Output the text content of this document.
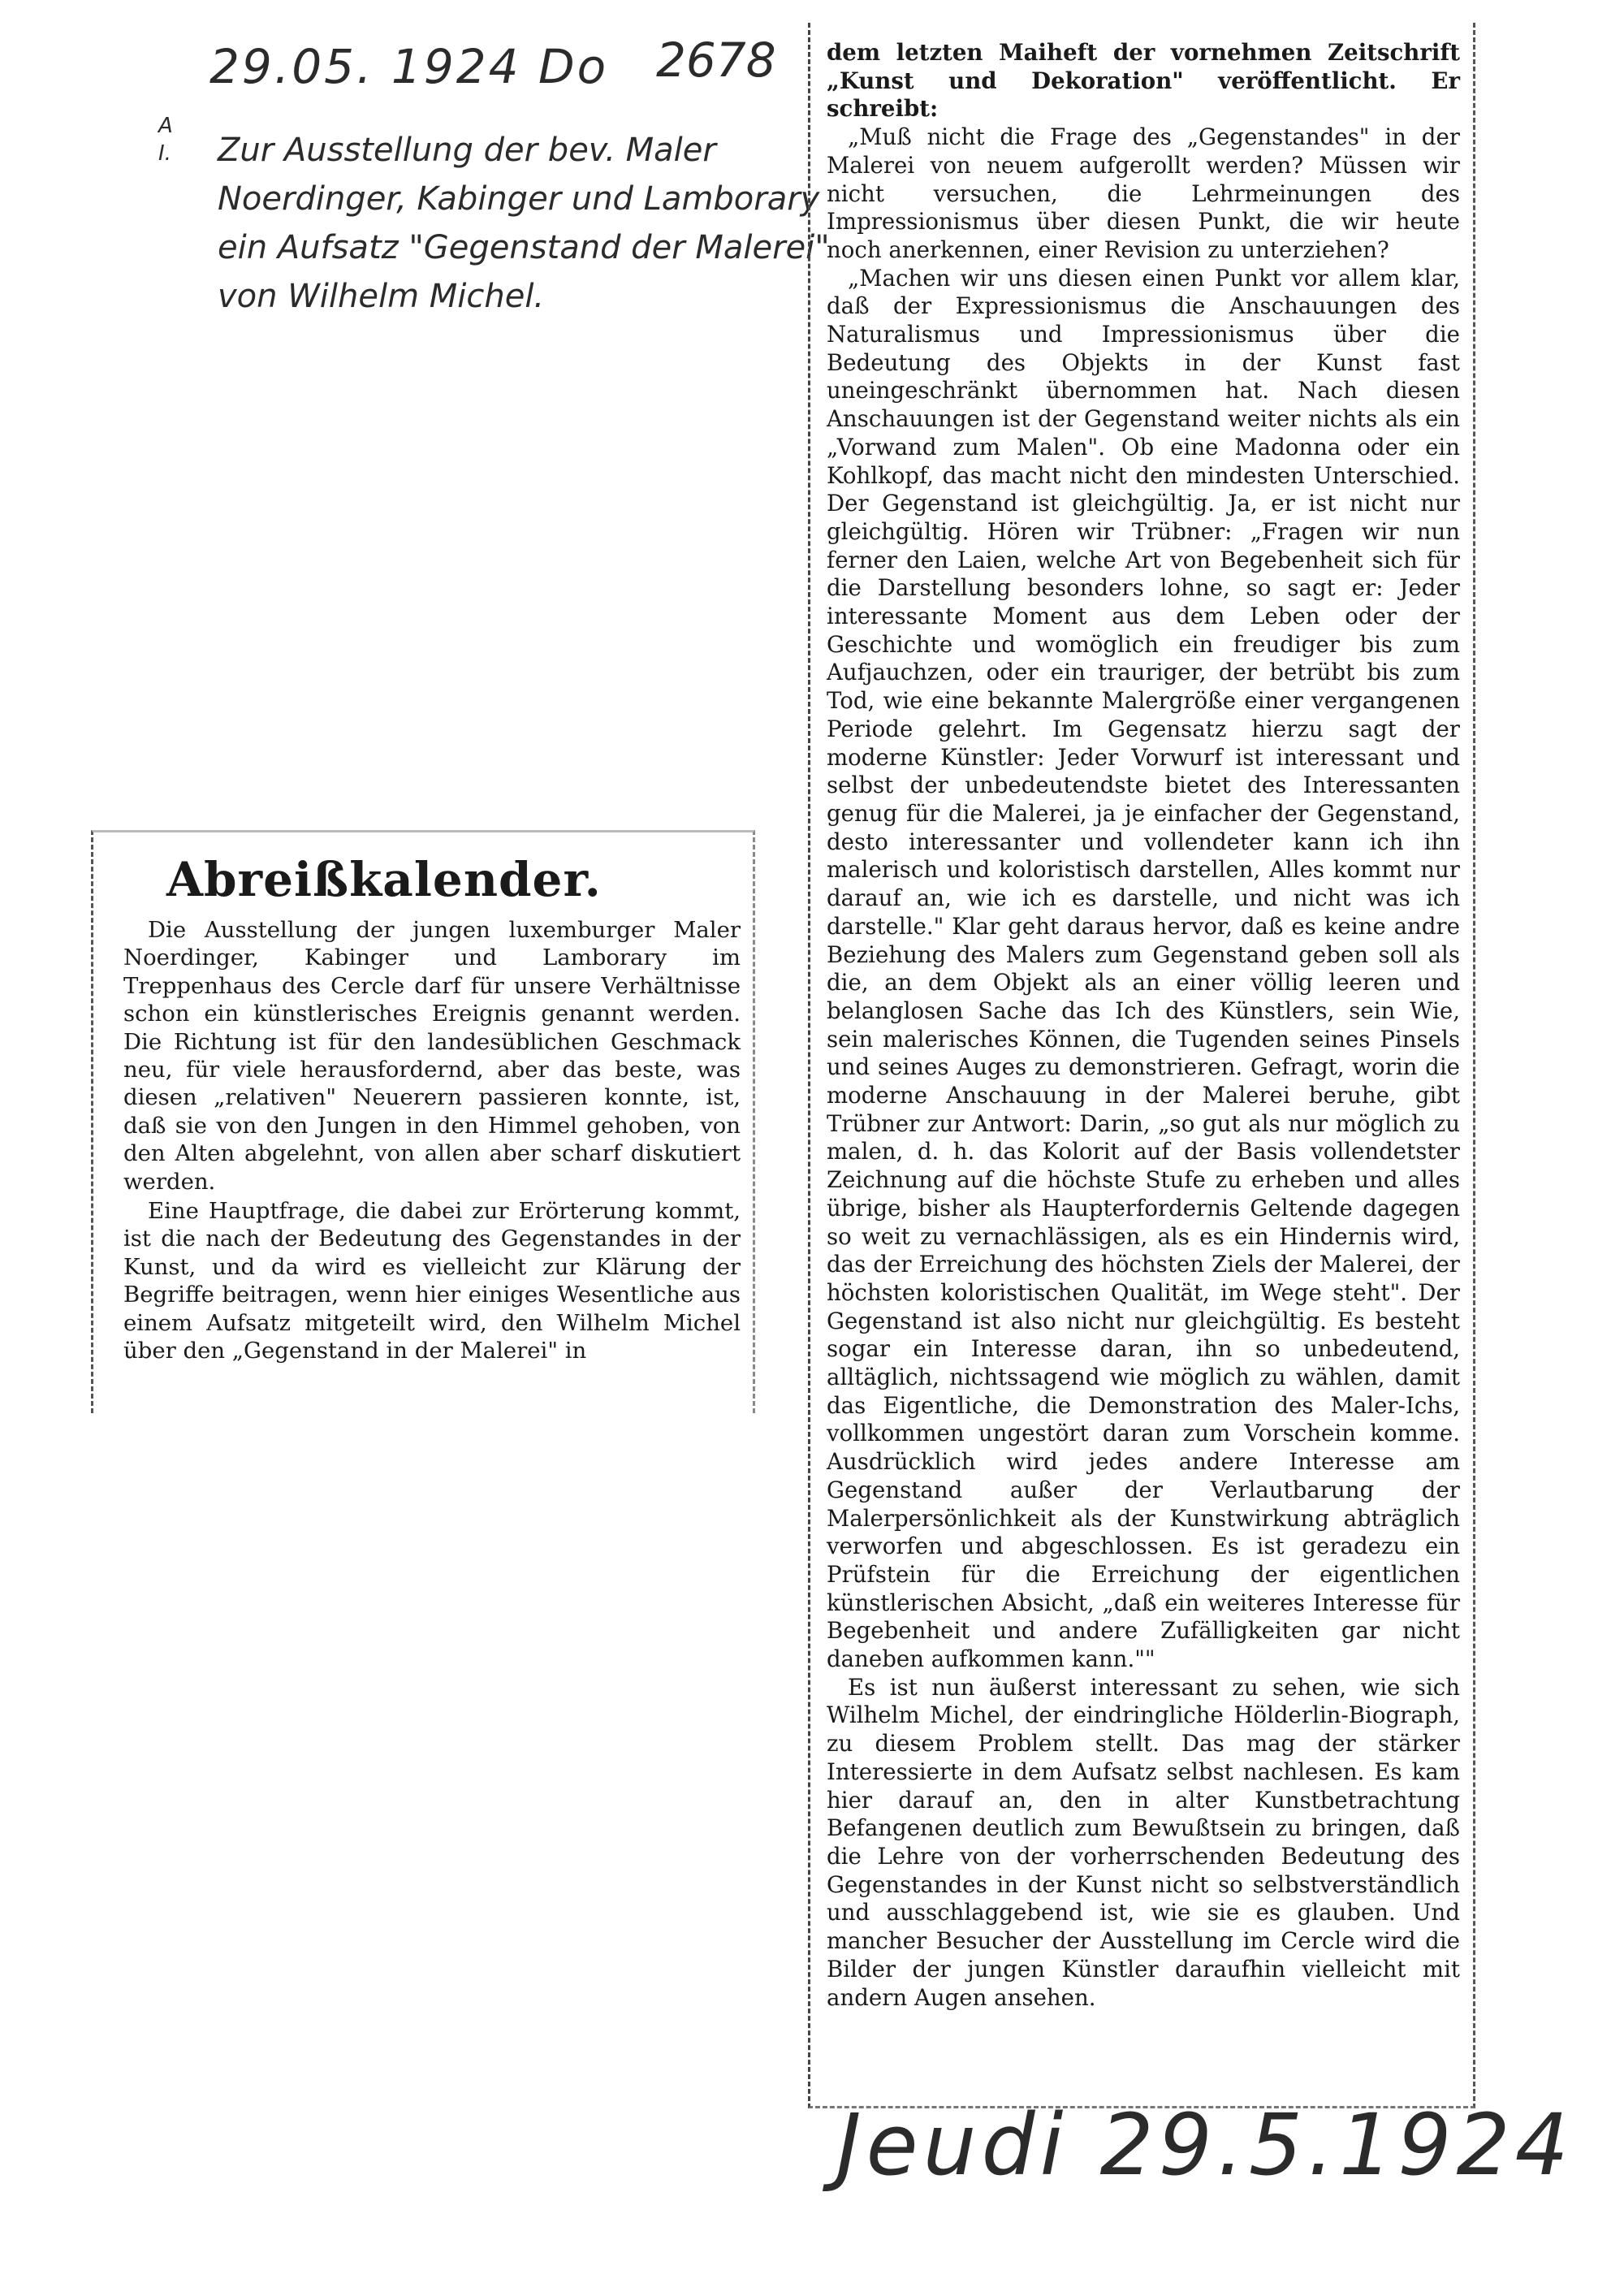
29.05. 1924 Do 2678
A
I. Zur Ausstellung der bev. Maler
Noerdinger, Kabinger und Lamborary
ein Aufsatz "Gegenstand der Malerei"
von Wilhelm Michel.
Abreißkalender.

Die Ausstellung der jungen luxemburger Maler Noerdinger, Kabinger und Lamborary im Treppenhaus des Cercle darf für unsere Verhältnisse schon ein künstlerisches Ereignis genannt werden. Die Richtung ist für den landesüblichen Geschmack neu, für viele herausfordernd, aber das beste, was diesen „relativen" Neuerern passieren konnte, ist, daß sie von den Jungen in den Himmel gehoben, von den Alten abgelehnt, von allen aber scharf diskutiert werden.

Eine Hauptfrage, die dabei zur Erörterung kommt, ist die nach der Bedeutung des Gegenstandes in der Kunst, und da wird es vielleicht zur Klärung der Begriffe beitragen, wenn hier einiges Wesentliche aus einem Aufsatz mitgeteilt wird, den Wilhelm Michel über den „Gegenstand in der Malerei" in

dem letzten Maiheft der vornehmen Zeitschrift „Kunst und Dekoration" veröffentlicht. Er schreibt:

„Muß nicht die Frage des „Gegenstandes" in der Malerei von neuem aufgerollt werden? Müssen wir nicht versuchen, die Lehrmeinungen des Impressionismus über diesen Punkt, die wir heute noch anerkennen, einer Revision zu unterziehen?

„Machen wir uns diesen einen Punkt vor allem klar, daß der Expressionismus die Anschauungen des Naturalismus und Impressionismus über die Bedeutung des Objekts in der Kunst fast uneingeschränkt übernommen hat. Nach diesen Anschauungen ist der Gegenstand weiter nichts als ein „Vorwand zum Malen". Ob eine Madonna oder ein Kohlkopf, das macht nicht den mindesten Unterschied. Der Gegenstand ist gleichgültig. Ja, er ist nicht nur gleichgültig. Hören wir Trübner: „Fragen wir nun ferner den Laien, welche Art von Begebenheit sich für die Darstellung besonders lohne, so sagt er: Jeder interessante Moment aus dem Leben oder der Geschichte und womöglich ein freudiger bis zum Aufjauchzen, oder ein trauriger, der betrübt bis zum Tod, wie eine bekannte Malergröße einer vergangenen Periode gelehrt. Im Gegensatz hierzu sagt der moderne Künstler: Jeder Vorwurf ist interessant und selbst der unbedeutendste bietet des Interessanten genug für die Malerei, ja je einfacher der Gegenstand, desto interessanter und vollendeter kann ich ihn malerisch und koloristisch darstellen, Alles kommt nur darauf an, wie ich es darstelle, und nicht was ich darstelle." Klar geht daraus hervor, daß es keine andre Beziehung des Malers zum Gegenstand geben soll als die, an dem Objekt als an einer völlig leeren und belanglosen Sache das Ich des Künstlers, sein Wie, sein malerisches Können, die Tugenden seines Pinsels und seines Auges zu demonstrieren. Gefragt, worin die moderne Anschauung in der Malerei beruhe, gibt Trübner zur Antwort: Darin, „so gut als nur möglich zu malen, d. h. das Kolorit auf der Basis vollendetster Zeichnung auf die höchste Stufe zu erheben und alles übrige, bisher als Haupterfordernis Geltende dagegen so weit zu vernachlässigen, als es ein Hindernis wird, das der Erreichung des höchsten Ziels der Malerei, der höchsten koloristischen Qualität, im Wege steht". Der Gegenstand ist also nicht nur gleichgültig. Es besteht sogar ein Interesse daran, ihn so unbedeutend, alltäglich, nichtssagend wie möglich zu wählen, damit das Eigentliche, die Demonstration des Maler-Ichs, vollkommen ungestört daran zum Vorschein komme. Ausdrücklich wird jedes andere Interesse am Gegenstand außer der Verlautbarung der Malerpersönlichkeit als der Kunstwirkung abträglich verworfen und abgeschlossen. Es ist geradezu ein Prüfstein für die Erreichung der eigentlichen künstlerischen Absicht, „daß ein weiteres Interesse für Begebenheit und andere Zufälligkeiten gar nicht daneben aufkommen kann.""

Es ist nun äußerst interessant zu sehen, wie sich Wilhelm Michel, der eindringliche Hölderlin-Biograph, zu diesem Problem stellt. Das mag der stärker Interessierte in dem Aufsatz selbst nachlesen. Es kam hier darauf an, den in alter Kunstbetrachtung Befangenen deutlich zum Bewußtsein zu bringen, daß die Lehre von der vorherrschenden Bedeutung des Gegenstandes in der Kunst nicht so selbstverständlich und ausschlaggebend ist, wie sie es glauben. Und mancher Besucher der Ausstellung im Cercle wird die Bilder der jungen Künstler daraufhin vielleicht mit andern Augen ansehen.

Jeudi 29.5.1924
